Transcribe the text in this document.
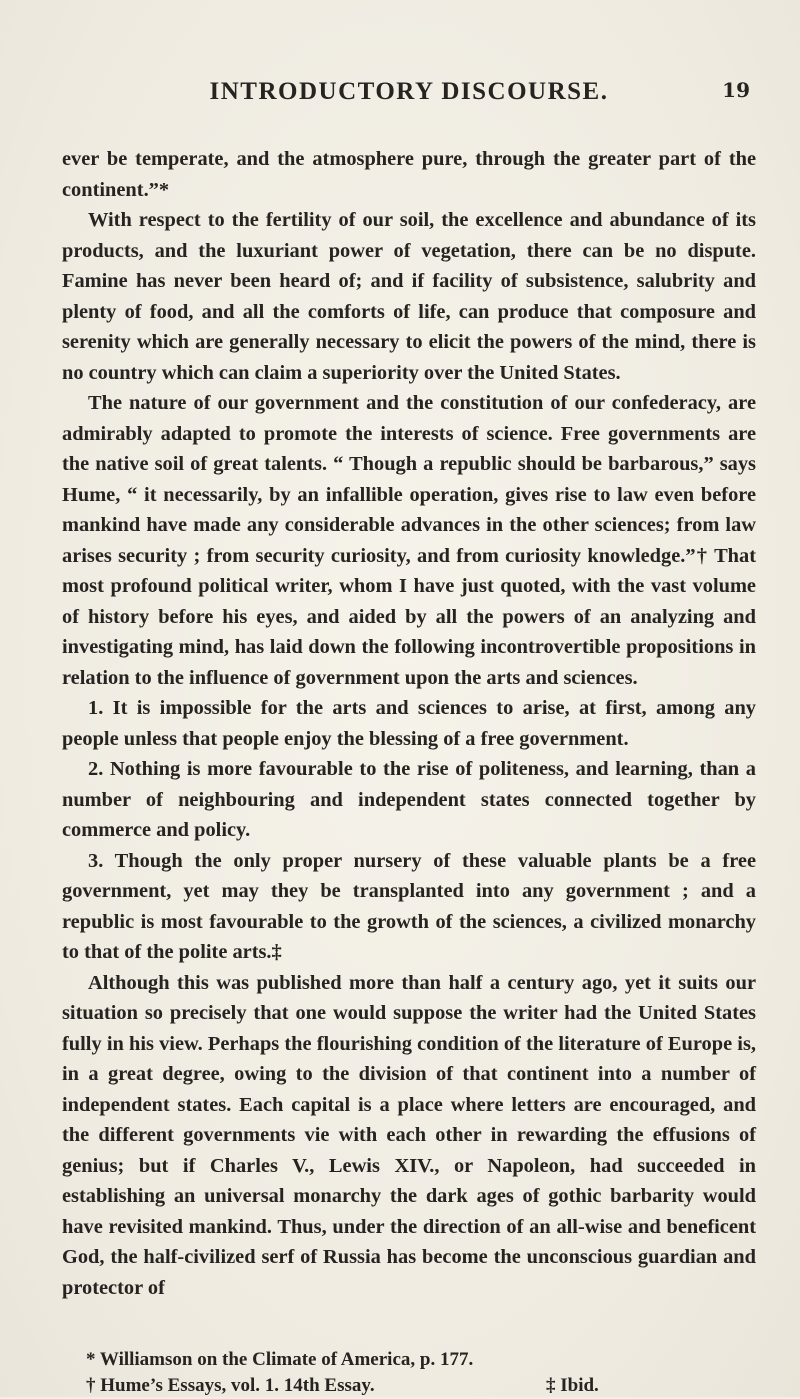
INTRODUCTORY DISCOURSE.	19

ever be temperate, and the atmosphere pure, through the greater part of the continent.”*

With respect to the fertility of our soil, the excellence and abundance of its products, and the luxuriant power of vegetation, there can be no dispute. Famine has never been heard of; and if facility of subsistence, salubrity and plenty of food, and all the comforts of life, can produce that composure and serenity which are generally necessary to elicit the powers of the mind, there is no country which can claim a superiority over the United States.

The nature of our government and the constitution of our confederacy, are admirably adapted to promote the interests of science. Free governments are the native soil of great talents. “ Though a republic should be barbarous,” says Hume, “ it necessarily, by an infallible operation, gives rise to law even before mankind have made any considerable advances in the other sciences; from law arises security ; from security curiosity, and from curiosity knowledge.”† That most profound political writer, whom I have just quoted, with the vast volume of history before his eyes, and aided by all the powers of an analyzing and investigating mind, has laid down the following incontrovertible propositions in relation to the influence of government upon the arts and sciences.

1. It is impossible for the arts and sciences to arise, at first, among any people unless that people enjoy the blessing of a free government.

2. Nothing is more favourable to the rise of politeness, and learning, than a number of neighbouring and independent states connected together by commerce and policy.

3. Though the only proper nursery of these valuable plants be a free government, yet may they be transplanted into any government ; and a republic is most favourable to the growth of the sciences, a civilized monarchy to that of the polite arts.‡

Although this was published more than half a century ago, yet it suits our situation so precisely that one would suppose the writer had the United States fully in his view. Perhaps the flourishing condition of the literature of Europe is, in a great degree, owing to the division of that continent into a number of independent states. Each capital is a place where letters are encouraged, and the different governments vie with each other in rewarding the effusions of genius; but if Charles V., Lewis XIV., or Napoleon, had succeeded in establishing an universal monarchy the dark ages of gothic barbarity would have revisited mankind. Thus, under the direction of an all-wise and beneficent God, the half-civilized serf of Russia has become the unconscious guardian and protector of

* Williamson on the Climate of America, p. 177.
† Hume’s Essays, vol. 1. 14th Essay.	‡ Ibid.
